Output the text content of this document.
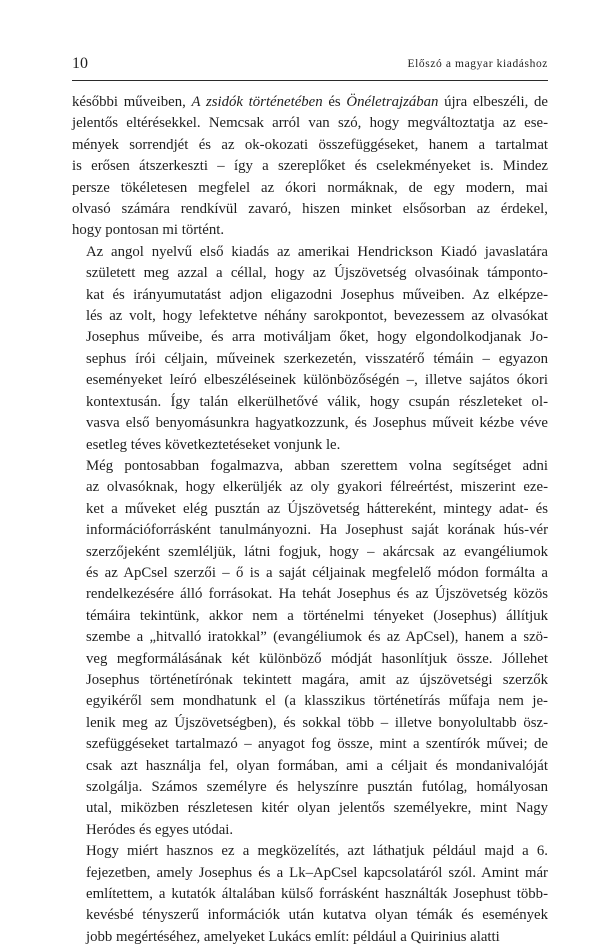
10	Előszó a magyar kiadáshoz

későbbi műveiben, A zsidók történetében és Önéletrajzában újra elbeszéli, de
jelentős eltérésekkel. Nemcsak arról van szó, hogy megváltoztatja az ese-
mények sorrendjét és az ok-okozati összefüggéseket, hanem a tartalmat
is erősen átszerkeszti – így a szereplőket és cselekményeket is. Mindez
persze tökéletesen megfelel az ókori normáknak, de egy modern, mai
olvasó számára rendkívül zavaró, hiszen minket elsősorban az érdekel,
hogy pontosan mi történt.

Az angol nyelvű első kiadás az amerikai Hendrickson Kiadó javaslatára
született meg azzal a céllal, hogy az Újszövetség olvasóinak támponto-
kat és irányumutatást adjon eligazodni Josephus műveiben. Az elképze-
lés az volt, hogy lefektetve néhány sarokpontot, bevezessem az olvasókat
Josephus műveibe, és arra motiváljam őket, hogy elgondolkodjanak Jo-
sephus írói céljain, műveinek szerkezetén, visszatérő témáin – egyazon
eseményeket leíró elbeszéléseinek különbözőségén –, illetve sajátos ókori
kontextusán. Így talán elkerülhetővé válik, hogy csupán részleteket ol-
vasva első benyomásunkra hagyatkozzunk, és Josephus műveit kézbe véve
esetleg téves következtetéseket vonjunk le.

Még pontosabban fogalmazva, abban szerettem volna segítséget adni
az olvasóknak, hogy elkerüljék az oly gyakori félreértést, miszerint eze-
ket a műveket elég pusztán az Újszövetség háttereként, mintegy adat- és
információforrásként tanulmányozni. Ha Josephust saját korának hús-vér
szerzőjeként szemléljük, látni fogjuk, hogy – akárcsak az evangéliumok
és az ApCsel szerzői – ő is a saját céljainak megfelelő módon formálta a
rendelkezésére álló forrásokat. Ha tehát Josephus és az Újszövetség közös
témáira tekintünk, akkor nem a történelmi tényeket (Josephus) állítjuk
szembe a „hitvalló iratokkal” (evangéliumok és az ApCsel), hanem a szö-
veg megformálásának két különböző módját hasonlítjuk össze. Jóllehet
Josephus történetírónak tekintett magára, amit az újszövetségi szerzők
egyikéről sem mondhatunk el (a klasszikus történetírás műfaja nem je-
lenik meg az Újszövetségben), és sokkal több – illetve bonyolultabb ösz-
szefüggéseket tartalmazó – anyagot fog össze, mint a szentírók művei; de
csak azt használja fel, olyan formában, ami a céljait és mondanivalóját
szolgálja. Számos személyre és helyszínre pusztán futólag, homályosan
utal, miközben részletesen kitér olyan jelentős személyekre, mint Nagy
Heródes és egyes utódai.

Hogy miért hasznos ez a megközelítés, azt láthatjuk például majd a 6.
fejezetben, amely Josephus és a Lk–ApCsel kapcsolatáról szól. Amint már
említettem, a kutatók általában külső forrásként használták Josephust több-
kevésbé tényszerű információk után kutatva olyan témák és események
jobb megértéséhez, amelyeket Lukács említ: például a Quirinius alatti
